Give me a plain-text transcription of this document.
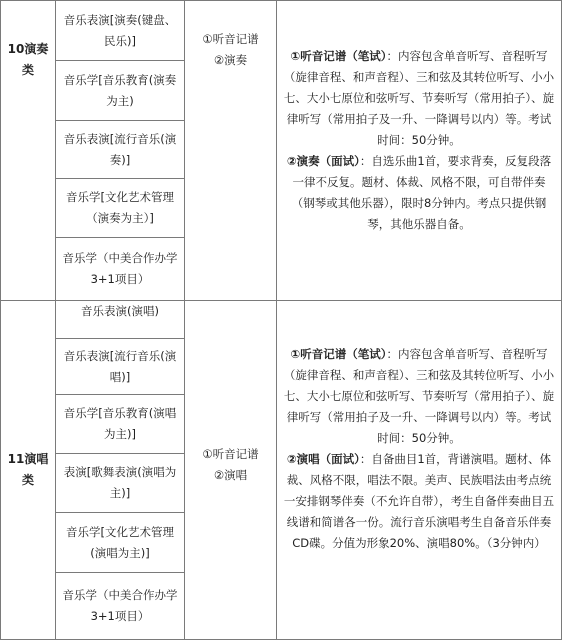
10演奏类
音乐表演[演奏(键盘、民乐)]
音乐学[音乐教育(演奏为主)
音乐表演[流行音乐(演奏)]
音乐学[文化艺术管理（演奏为主）]
音乐学（中美合作办学3+1项目）
①听音记谱
②演奏	①听音记谱（笔试）：内容包含单音听写、音程听写（旋律音程、和声音程）、三和弦及其转位听写、小小七、大小七原位和弦听写、节奏听写（常用拍子）、旋律听写（常用拍子及一升、一降调号以内）等。考试时间：50分钟。

②演奏（面试）：自选乐曲1首，要求背奏，反复段落一律不反复。题材、体裁、风格不限，可自带伴奏（钢琴或其他乐器），限时8分钟内。考点只提供钢琴，其他乐器自备。

11演唱类
音乐表演(演唱)
音乐表演[流行音乐(演唱)]
音乐学[音乐教育(演唱为主)]
表演[歌舞表演(演唱为主)]
音乐学[文化艺术管理(演唱为主)]
音乐学（中美合作办学3+1项目）
①听音记谱
②演唱

①听音记谱（笔试）：内容包含单音听写、音程听写（旋律音程、和声音程）、三和弦及其转位听写、小小七、大小七原位和弦听写、节奏听写（常用拍子）、旋律听写（常用拍子及一升、一降调号以内）等。考试时间：50分钟。

②演唱（面试）：自备曲目1首，背谱演唱。题材、体裁、风格不限，唱法不限。美声、民族唱法由考点统一安排钢琴伴奏（不允许自带），考生自备伴奏曲目五线谱和简谱各一份。流行音乐演唱考生自备音乐伴奏CD碟。分值为形象20%、演唱80%。（3分钟内）
